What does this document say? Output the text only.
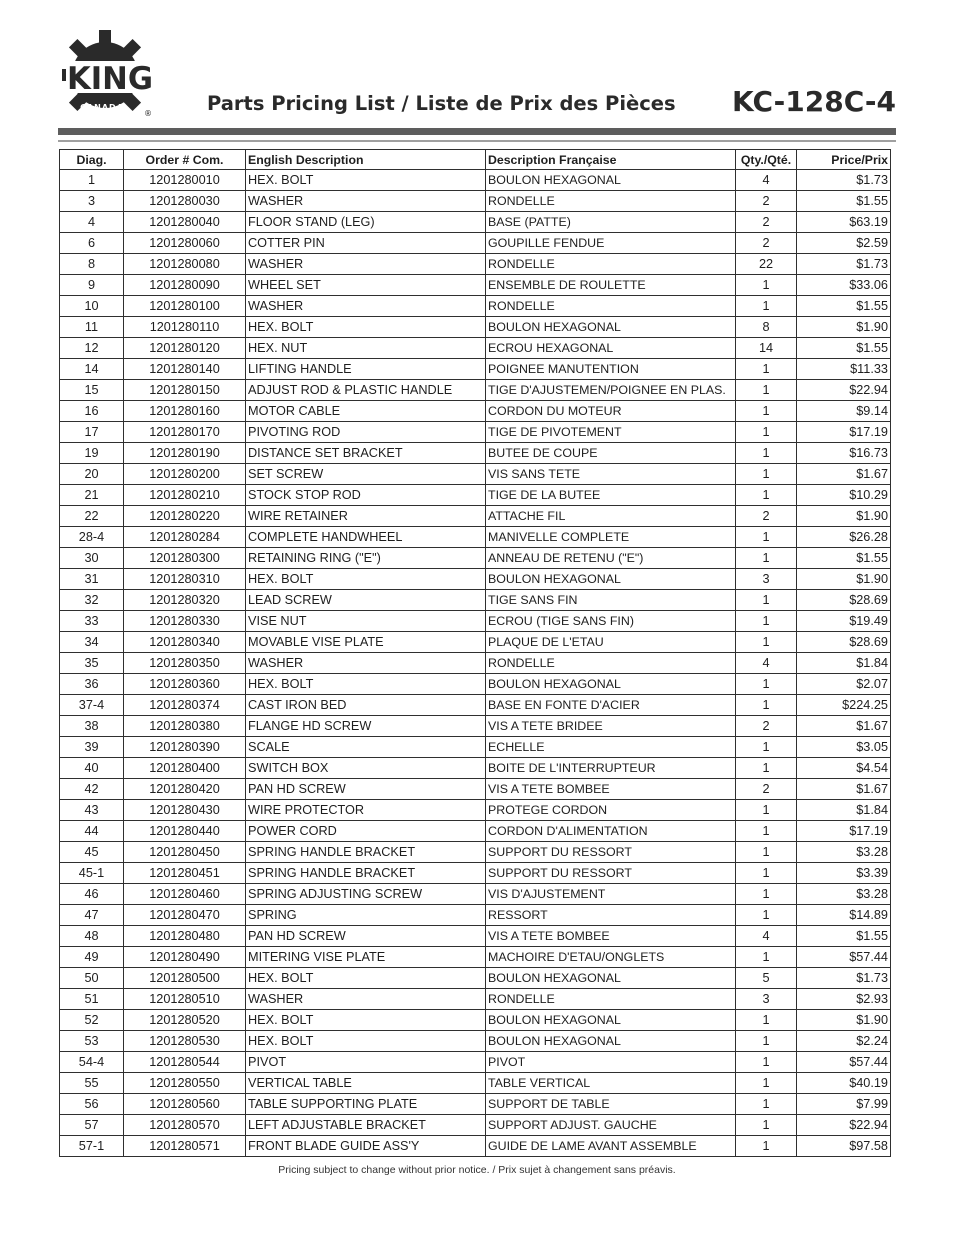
KING
CANADA
®	Parts Pricing List / Liste de Prix des Pièces KC-128C-4
Diag.	Order # Com.	English Description	Description Française	Qty./Qté.	Price/Prix
1	1201280010	HEX. BOLT	BOULON HEXAGONAL	4	$1.73
3	1201280030	WASHER	RONDELLE	2	$1.55
4	1201280040	FLOOR STAND (LEG)	BASE (PATTE)	2	$63.19
6	1201280060	COTTER PIN	GOUPILLE FENDUE	2	$2.59
8	1201280080	WASHER	RONDELLE	22	$1.73
9	1201280090	WHEEL SET	ENSEMBLE DE ROULETTE	1	$33.06
10	1201280100	WASHER	RONDELLE	1	$1.55
11	1201280110	HEX. BOLT	BOULON HEXAGONAL	8	$1.90
12	1201280120	HEX. NUT	ECROU HEXAGONAL	14	$1.55
14	1201280140	LIFTING HANDLE	POIGNEE MANUTENTION	1	$11.33
15	1201280150	ADJUST ROD & PLASTIC HANDLE	TIGE D'AJUSTEMEN/POIGNEE EN PLAS.	1	$22.94
16	1201280160	MOTOR CABLE	CORDON DU MOTEUR	1	$9.14
17	1201280170	PIVOTING ROD	TIGE DE PIVOTEMENT	1	$17.19
19	1201280190	DISTANCE SET BRACKET	BUTEE DE COUPE	1	$16.73
20	1201280200	SET SCREW	VIS SANS TETE	1	$1.67
21	1201280210	STOCK STOP ROD	TIGE DE LA BUTEE	1	$10.29
22	1201280220	WIRE RETAINER	ATTACHE FIL	2	$1.90
28-4	1201280284	COMPLETE HANDWHEEL	MANIVELLE COMPLETE	1	$26.28
30	1201280300	RETAINING RING ("E")	ANNEAU DE RETENU ("E")	1	$1.55
31	1201280310	HEX. BOLT	BOULON HEXAGONAL	3	$1.90
32	1201280320	LEAD SCREW	TIGE SANS FIN	1	$28.69
33	1201280330	VISE NUT	ECROU (TIGE SANS FIN)	1	$19.49
34	1201280340	MOVABLE VISE PLATE	PLAQUE DE L'ETAU	1	$28.69
35	1201280350	WASHER	RONDELLE	4	$1.84
36	1201280360	HEX. BOLT	BOULON HEXAGONAL	1	$2.07
37-4	1201280374	CAST IRON BED	BASE EN FONTE D'ACIER	1	$224.25
38	1201280380	FLANGE HD SCREW	VIS A TETE BRIDEE	2	$1.67
39	1201280390	SCALE	ECHELLE	1	$3.05
40	1201280400	SWITCH BOX	BOITE DE L'INTERRUPTEUR	1	$4.54
42	1201280420	PAN HD SCREW	VIS A TETE BOMBEE	2	$1.67
43	1201280430	WIRE PROTECTOR	PROTEGE CORDON	1	$1.84
44	1201280440	POWER CORD	CORDON D'ALIMENTATION	1	$17.19
45	1201280450	SPRING HANDLE BRACKET	SUPPORT DU RESSORT	1	$3.28
45-1	1201280451	SPRING HANDLE BRACKET	SUPPORT DU RESSORT	1	$3.39
46	1201280460	SPRING ADJUSTING SCREW	VIS D'AJUSTEMENT	1	$3.28
47	1201280470	SPRING	RESSORT	1	$14.89
48	1201280480	PAN HD SCREW	VIS A TETE BOMBEE	4	$1.55
49	1201280490	MITERING VISE PLATE	MACHOIRE D'ETAU/ONGLETS	1	$57.44
50	1201280500	HEX. BOLT	BOULON HEXAGONAL	5	$1.73
51	1201280510	WASHER	RONDELLE	3	$2.93
52	1201280520	HEX. BOLT	BOULON HEXAGONAL	1	$1.90
53	1201280530	HEX. BOLT	BOULON HEXAGONAL	1	$2.24
54-4	1201280544	PIVOT	PIVOT	1	$57.44
55	1201280550	VERTICAL TABLE	TABLE VERTICAL	1	$40.19
56	1201280560	TABLE SUPPORTING PLATE	SUPPORT DE TABLE	1	$7.99
57	1201280570	LEFT ADJUSTABLE BRACKET	SUPPORT ADJUST. GAUCHE	1	$22.94
57-1	1201280571	FRONT BLADE GUIDE ASS'Y	GUIDE DE LAME AVANT ASSEMBLE	1	$97.58
Pricing subject to change without prior notice. / Prix sujet à changement sans préavis.
